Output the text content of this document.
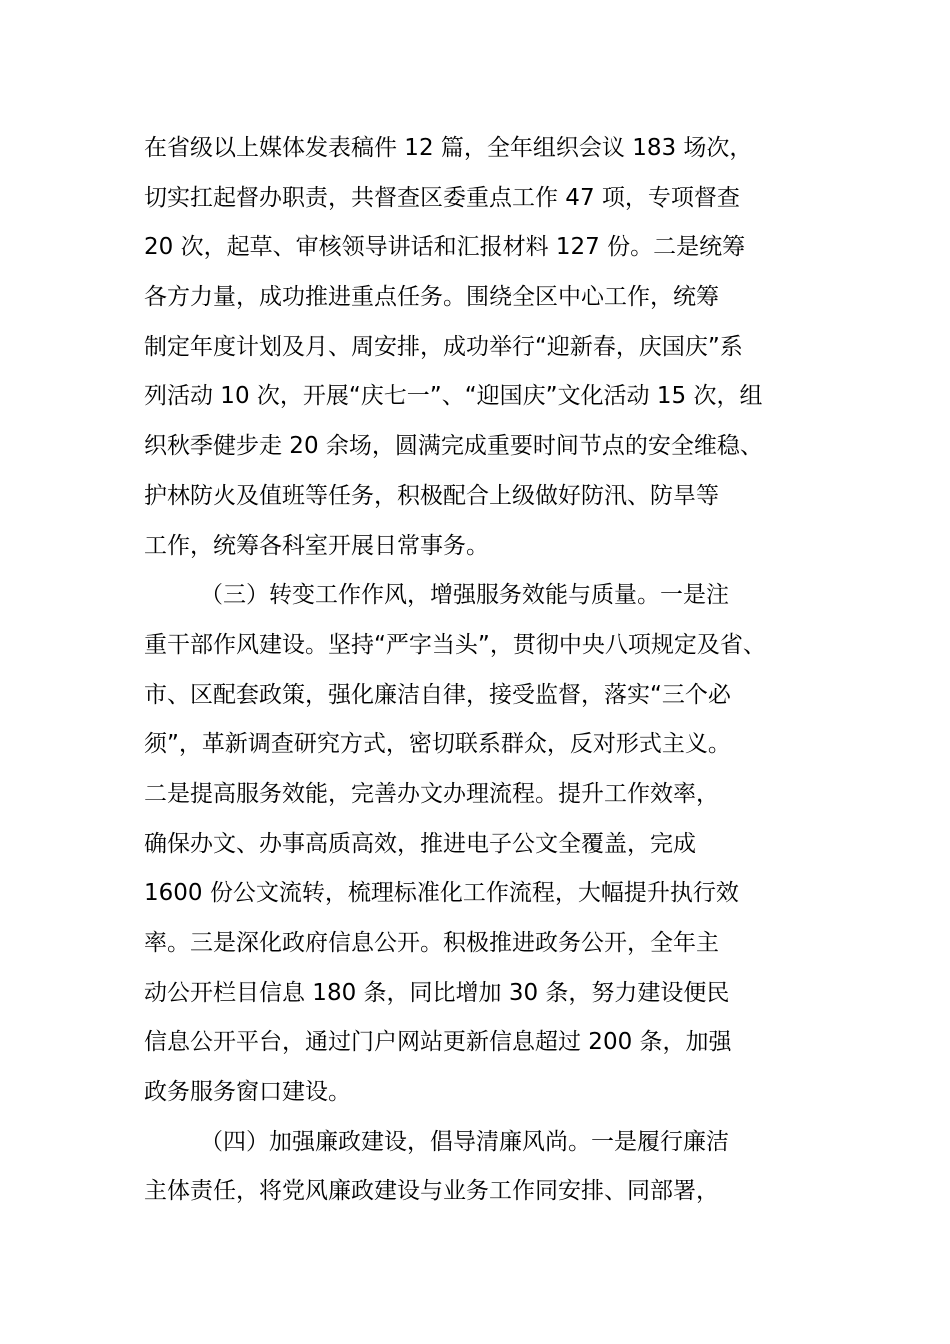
在省级以上媒体发表稿件 12 篇，全年组织会议 183 场次，
切实扛起督办职责，共督查区委重点工作 47 项，专项督查
20 次，起草、审核领导讲话和汇报材料 127 份。二是统筹
各方力量，成功推进重点任务。围绕全区中心工作，统筹
制定年度计划及月、周安排，成功举行“迎新春，庆国庆”系
列活动 10 次，开展“庆七一”、“迎国庆”文化活动 15 次，组
织秋季健步走 20 余场，圆满完成重要时间节点的安全维稳、
护林防火及值班等任务，积极配合上级做好防汛、防旱等
工作，统筹各科室开展日常事务。
（三）转变工作作风，增强服务效能与质量。一是注
重干部作风建设。坚持“严字当头”，贯彻中央八项规定及省、
市、区配套政策，强化廉洁自律，接受监督，落实“三个必
须”，革新调查研究方式，密切联系群众，反对形式主义。
二是提高服务效能，完善办文办理流程。提升工作效率，
确保办文、办事高质高效，推进电子公文全覆盖，完成
1600 份公文流转，梳理标准化工作流程，大幅提升执行效
率。三是深化政府信息公开。积极推进政务公开，全年主
动公开栏目信息 180 条，同比增加 30 条，努力建设便民
信息公开平台，通过门户网站更新信息超过 200 条，加强
政务服务窗口建设。
（四）加强廉政建设，倡导清廉风尚。一是履行廉洁
主体责任，将党风廉政建设与业务工作同安排、同部署，
